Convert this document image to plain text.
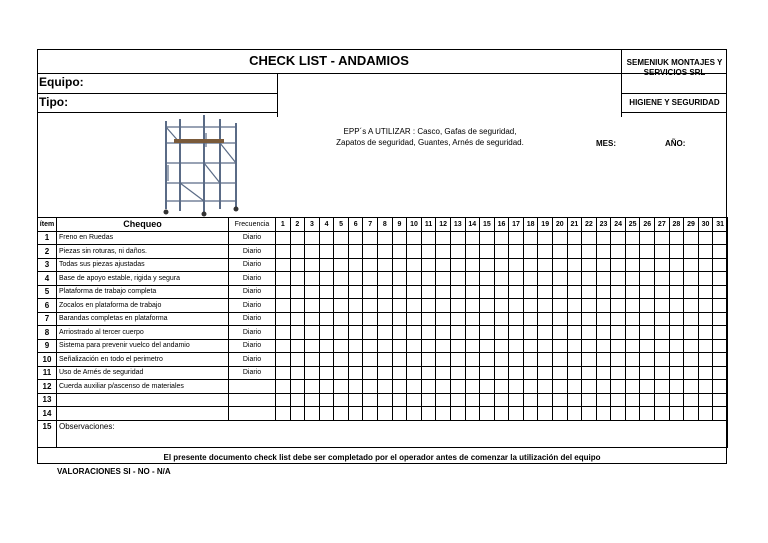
CHECK LIST - ANDAMIOS	SEMENIUK MONTAJES Y SERVICIOS SRL
HIGIENE Y SEGURIDAD
Equipo:
Tipo:
EPP´s A UTILIZAR : Casco, Gafas de seguridad,
Zapatos de seguridad, Guantes, Arnés de seguridad.	MES:	AÑO:
ítem	Chequeo	Frecuencia	1	2	3	4	5	6	7	8	9	10	11	12	13	14	15	16	17	18	19	20	21	22	23	24	25	26	27	28	29	30	31
1	Freno en Ruedas	Diario																															
2	Piezas sin roturas, ni daños.	Diario																															
3	Todas sus piezas ajustadas	Diario																															
4	Base de apoyo estable, rigida y segura	Diario																															
5	Plataforma de trabajo completa	Diario																															
6	Zocalos en plataforma de trabajo	Diario																															
7	Barandas completas en plataforma	Diario																															
8	Arriostrado al tercer cuerpo	Diario																															
9	Sistema para prevenir vuelco del andamio	Diario																															
10	Señalización en todo el perimetro	Diario																															
11	Uso de Arnés de seguridad	Diario																															
12	Cuerda auxiliar p/ascenso de materiales																																
13																																	
14																																	
15	Observaciones:																																
El presente documento check list debe ser completado por el operador antes de comenzar la utilización del equipo
VALORACIONES SI - NO - N/A
